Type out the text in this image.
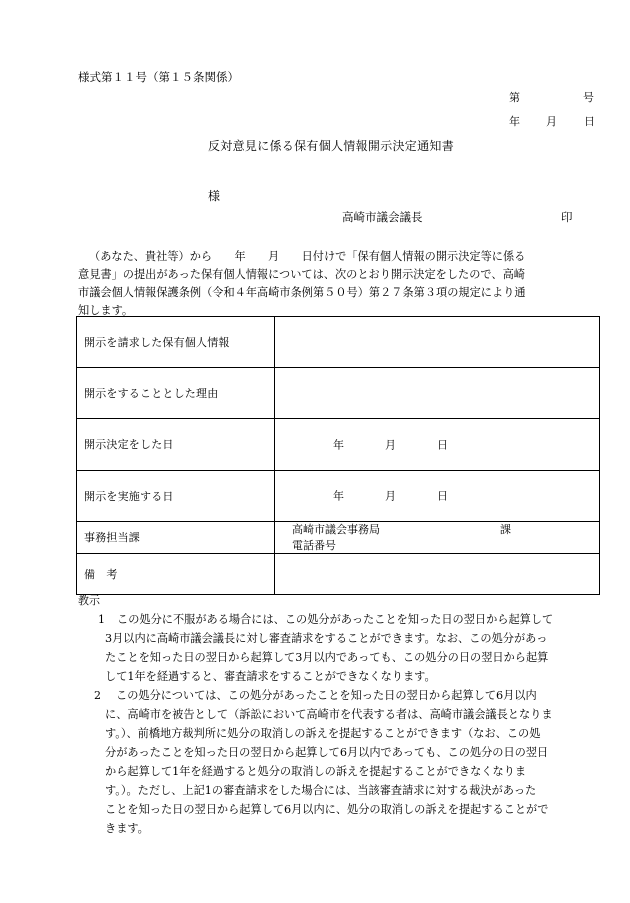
様式第１１号（第１５条関係）
第	号
年 月 日
反対意見に係る保有個人情報開示決定通知書
様
高崎市議会議長	印
（あなた、貴社等）から　　年　　月　　日付けで「保有個人情報の開示決定等に係る
意見書」の提出があった保有個人情報については、次のとおり開示決定をしたので、高崎
市議会個人情報保護条例（令和４年高崎市条例第５０号）第２７条第３項の規定により通
知します。
開示を請求した保有個人情報	
開示をすることとした理由	
開示決定をした日	年 月 日

開示を実施する日	年 月 日

事務担当課	高崎市議会事務局 課
電話番号

備　考	
教示
1 この処分に不服がある場合には、この処分があったことを知った日の翌日から起算して
3月以内に高崎市議会議長に対し審査請求をすることができます。なお、この処分があっ
たことを知った日の翌日から起算して3月以内であっても、この処分の日の翌日から起算
して1年を経過すると、審査請求をすることができなくなります。
2 この処分については、この処分があったことを知った日の翌日から起算して6月以内
に、高崎市を被告として（訴訟において高崎市を代表する者は、高崎市議会議長となりま
す。）、前橋地方裁判所に処分の取消しの訴えを提起することができます（なお、この処
分があったことを知った日の翌日から起算して6月以内であっても、この処分の日の翌日
から起算して1年を経過すると処分の取消しの訴えを提起することができなくなりま
す。）。ただし、上記1の審査請求をした場合には、当該審査請求に対する裁決があった
ことを知った日の翌日から起算して6月以内に、処分の取消しの訴えを提起することがで
きます。
